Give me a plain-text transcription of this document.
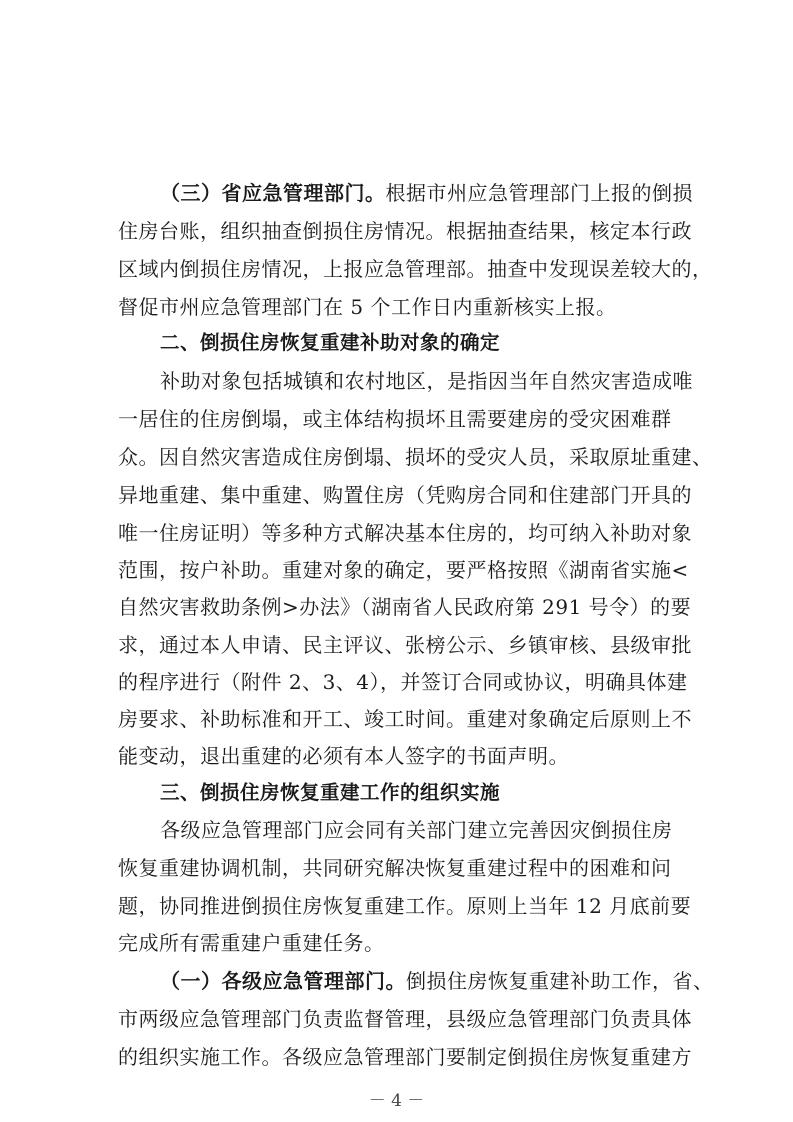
（三）省应急管理部门。根据市州应急管理部门上报的倒损
住房台账，组织抽查倒损住房情况。根据抽查结果，核定本行政
区域内倒损住房情况，上报应急管理部。抽查中发现误差较大的，
督促市州应急管理部门在 5 个工作日内重新核实上报。
二、倒损住房恢复重建补助对象的确定
补助对象包括城镇和农村地区，是指因当年自然灾害造成唯
一居住的住房倒塌，或主体结构损坏且需要建房的受灾困难群
众。因自然灾害造成住房倒塌、损坏的受灾人员，采取原址重建、
异地重建、集中重建、购置住房（凭购房合同和住建部门开具的
唯一住房证明）等多种方式解决基本住房的，均可纳入补助对象
范围，按户补助。重建对象的确定，要严格按照《湖南省实施<
自然灾害救助条例>办法》（湖南省人民政府第 291 号令）的要
求，通过本人申请、民主评议、张榜公示、乡镇审核、县级审批
的程序进行（附件 2、3、4），并签订合同或协议，明确具体建
房要求、补助标准和开工、竣工时间。重建对象确定后原则上不
能变动，退出重建的必须有本人签字的书面声明。
三、倒损住房恢复重建工作的组织实施
各级应急管理部门应会同有关部门建立完善因灾倒损住房
恢复重建协调机制，共同研究解决恢复重建过程中的困难和问
题，协同推进倒损住房恢复重建工作。原则上当年 12 月底前要
完成所有需重建户重建任务。
（一）各级应急管理部门。倒损住房恢复重建补助工作，省、
市两级应急管理部门负责监督管理，县级应急管理部门负责具体
的组织实施工作。各级应急管理部门要制定倒损住房恢复重建方
－ 4 －
